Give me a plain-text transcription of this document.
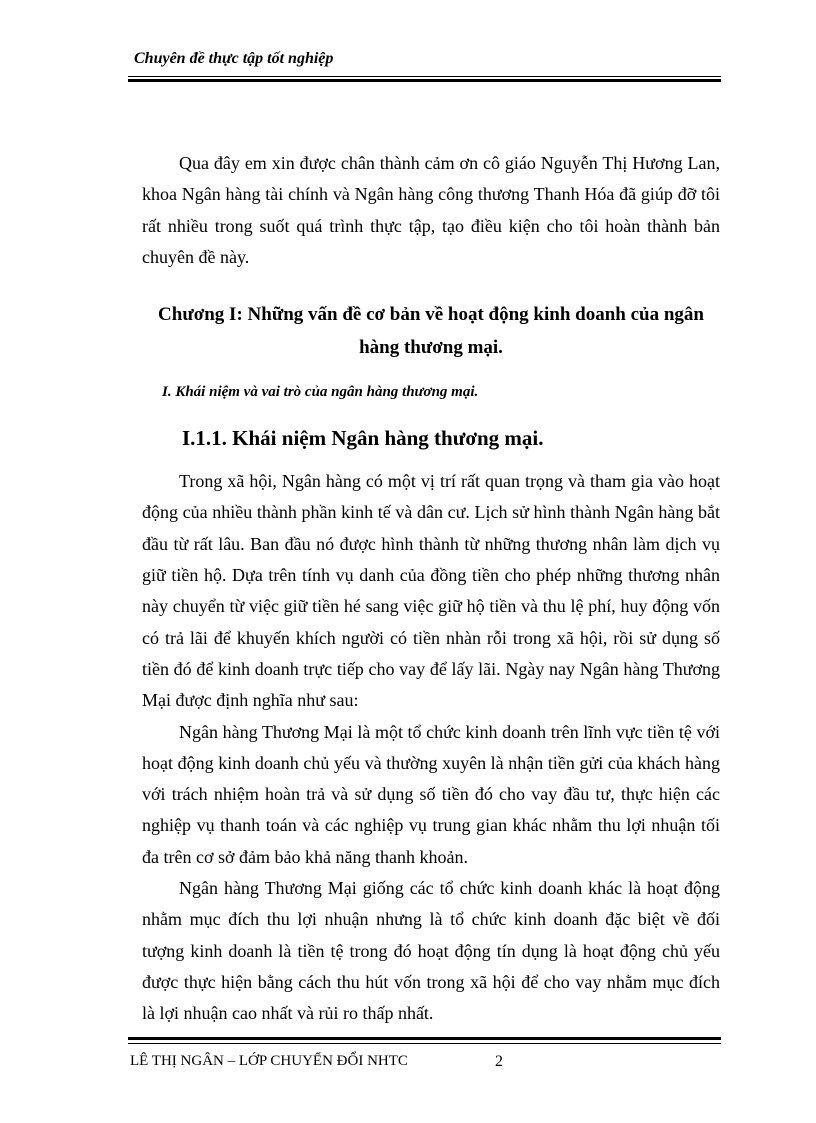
Chuyên đề thực tập tốt nghiệp

Qua đây em xin được chân thành cảm ơn cô giáo Nguyễn Thị Hương Lan, khoa Ngân hàng tài chính và Ngân hàng công thương Thanh Hóa đã giúp đỡ tôi rất nhiều trong suốt quá trình thực tập, tạo điều kiện cho tôi hoàn thành bản chuyên đề này.

Chương I: Những vấn đề cơ bản về hoạt động kinh doanh của ngân hàng thương mại.
I. Khái niệm và vai trò của ngân hàng thương mại.
I.1.1. Khái niệm Ngân hàng thương mại.

Trong xã hội, Ngân hàng có một vị trí rất quan trọng và tham gia vào hoạt động của nhiều thành phần kinh tế và dân cư. Lịch sử hình thành Ngân hàng bắt đầu từ rất lâu. Ban đầu nó được hình thành từ những thương nhân làm dịch vụ giữ tiền hộ. Dựa trên tính vụ danh của đồng tiền cho phép những thương nhân này chuyển từ việc giữ tiền hé sang việc giữ hộ tiền và thu lệ phí, huy động vốn có trả lãi để khuyến khích người có tiền nhàn rỗi trong xã hội, rồi sử dụng số tiền đó để kinh doanh trực tiếp cho vay để lấy lãi. Ngày nay Ngân hàng Thương Mại được định nghĩa như sau:

Ngân hàng Thương Mại là một tổ chức kinh doanh trên lĩnh vực tiền tệ với hoạt động kinh doanh chủ yếu và thường xuyên là nhận tiền gửi của khách hàng với trách nhiệm hoàn trả và sử dụng số tiền đó cho vay đầu tư, thực hiện các nghiệp vụ thanh toán và các nghiệp vụ trung gian khác nhằm thu lợi nhuận tối đa trên cơ sở đảm bảo khả năng thanh khoản.

Ngân hàng Thương Mại giống các tổ chức kinh doanh khác là hoạt động nhằm mục đích thu lợi nhuận nhưng là tổ chức kinh doanh đặc biệt về đối tượng kinh doanh là tiền tệ trong đó hoạt động tín dụng là hoạt động chủ yếu được thực hiện bằng cách thu hút vốn trong xã hội để cho vay nhằm mục đích là lợi nhuận cao nhất và rủi ro thấp nhất.

LÊ THỊ NGÂN – LỚP CHUYỂN ĐỔI NHTC	2
